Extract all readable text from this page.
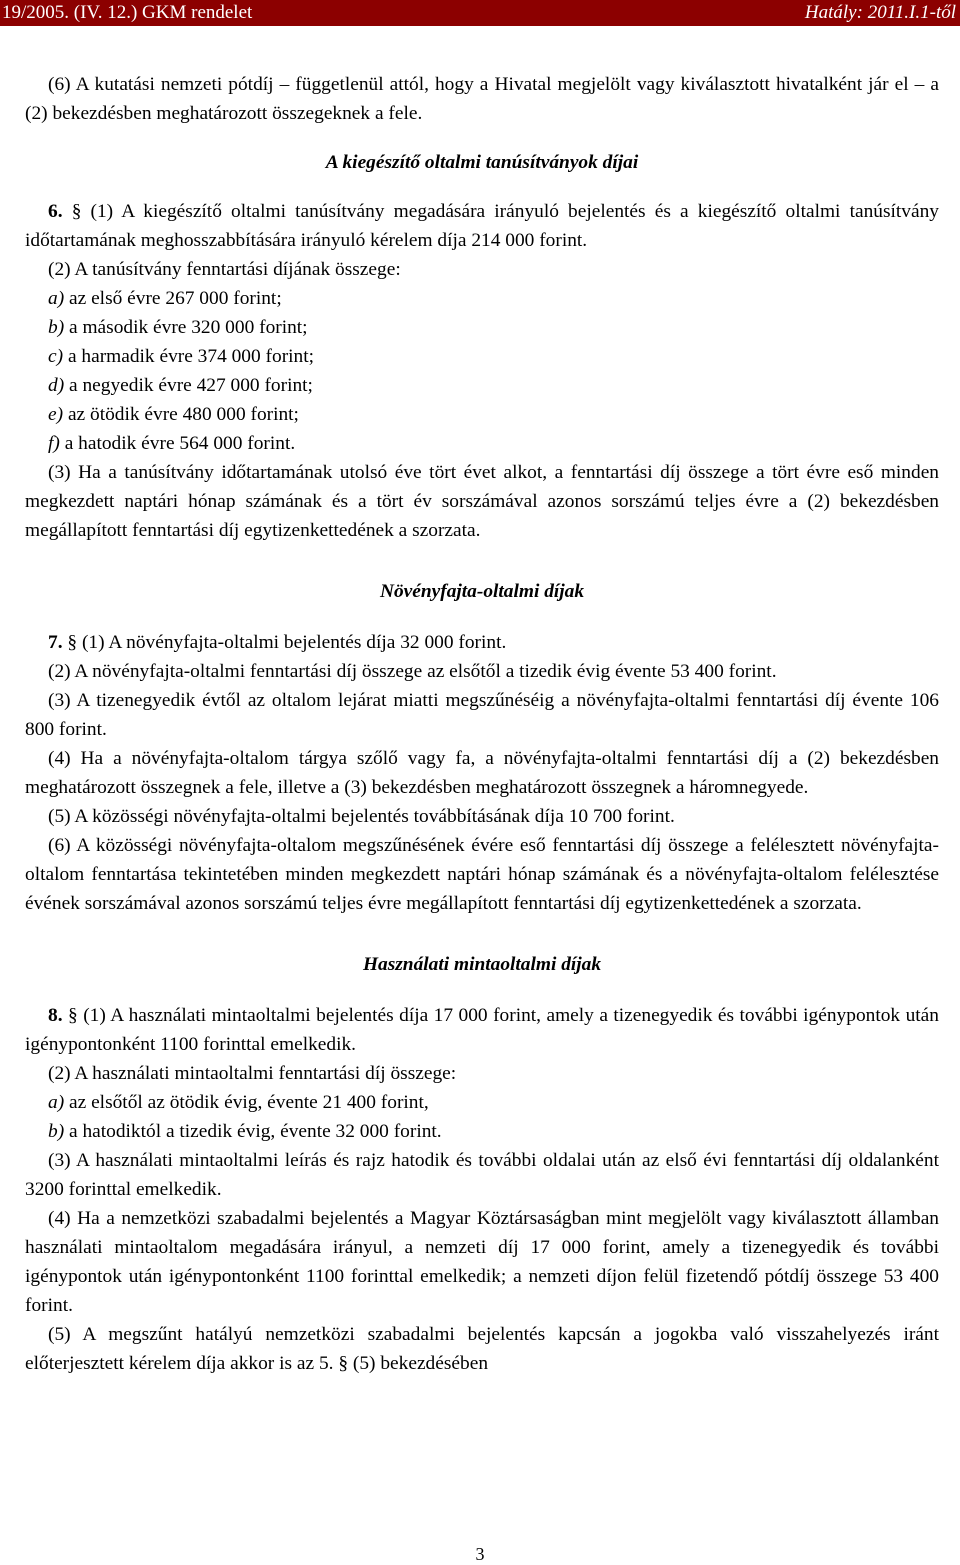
19/2005. (IV. 12.) GKM rendelet	Hatály: 2011.I.1-től

(6) A kutatási nemzeti pótdíj – függetlenül attól, hogy a Hivatal megjelölt vagy kiválasztott hivatalként jár el – a (2) bekezdésben meghatározott összegeknek a fele.

A kiegészítő oltalmi tanúsítványok díjai

6. § (1) A kiegészítő oltalmi tanúsítvány megadására irányuló bejelentés és a kiegészítő oltalmi tanúsítvány időtartamának meghosszabbítására irányuló kérelem díja 214 000 forint.

(2) A tanúsítvány fenntartási díjának összege:

a) az első évre 267 000 forint;

b) a második évre 320 000 forint;

c) a harmadik évre 374 000 forint;

d) a negyedik évre 427 000 forint;

e) az ötödik évre 480 000 forint;

f) a hatodik évre 564 000 forint.

(3) Ha a tanúsítvány időtartamának utolsó éve tört évet alkot, a fenntartási díj összege a tört évre eső minden megkezdett naptári hónap számának és a tört év sorszámával azonos sorszámú teljes évre a (2) bekezdésben megállapított fenntartási díj egytizenkettedének a szorzata.

Növényfajta-oltalmi díjak

7. § (1) A növényfajta-oltalmi bejelentés díja 32 000 forint.

(2) A növényfajta-oltalmi fenntartási díj összege az elsőtől a tizedik évig évente 53 400 forint.

(3) A tizenegyedik évtől az oltalom lejárat miatti megszűnéséig a növényfajta-oltalmi fenntartási díj évente 106 800 forint.

(4) Ha a növényfajta-oltalom tárgya szőlő vagy fa, a növényfajta-oltalmi fenntartási díj a (2) bekezdésben meghatározott összegnek a fele, illetve a (3) bekezdésben meghatározott összegnek a háromnegyede.

(5) A közösségi növényfajta-oltalmi bejelentés továbbításának díja 10 700 forint.

(6) A közösségi növényfajta-oltalom megszűnésének évére eső fenntartási díj összege a felélesztett növényfajta-oltalom fenntartása tekintetében minden megkezdett naptári hónap számának és a növényfajta-oltalom felélesztése évének sorszámával azonos sorszámú teljes évre megállapított fenntartási díj egytizenkettedének a szorzata.

Használati mintaoltalmi díjak

8. § (1) A használati mintaoltalmi bejelentés díja 17 000 forint, amely a tizenegyedik és további igénypontok után igénypontonként 1100 forinttal emelkedik.

(2) A használati mintaoltalmi fenntartási díj összege:

a) az elsőtől az ötödik évig, évente 21 400 forint,

b) a hatodiktól a tizedik évig, évente 32 000 forint.

(3) A használati mintaoltalmi leírás és rajz hatodik és további oldalai után az első évi fenntartási díj oldalanként 3200 forinttal emelkedik.

(4) Ha a nemzetközi szabadalmi bejelentés a Magyar Köztársaságban mint megjelölt vagy kiválasztott államban használati mintaoltalom megadására irányul, a nemzeti díj 17 000 forint, amely a tizenegyedik és további igénypontok után igénypontonként 1100 forinttal emelkedik; a nemzeti díjon felül fizetendő pótdíj összege 53 400 forint.

(5) A megszűnt hatályú nemzetközi szabadalmi bejelentés kapcsán a jogokba való visszahelyezés iránt előterjesztett kérelem díja akkor is az 5. § (5) bekezdésében

3
